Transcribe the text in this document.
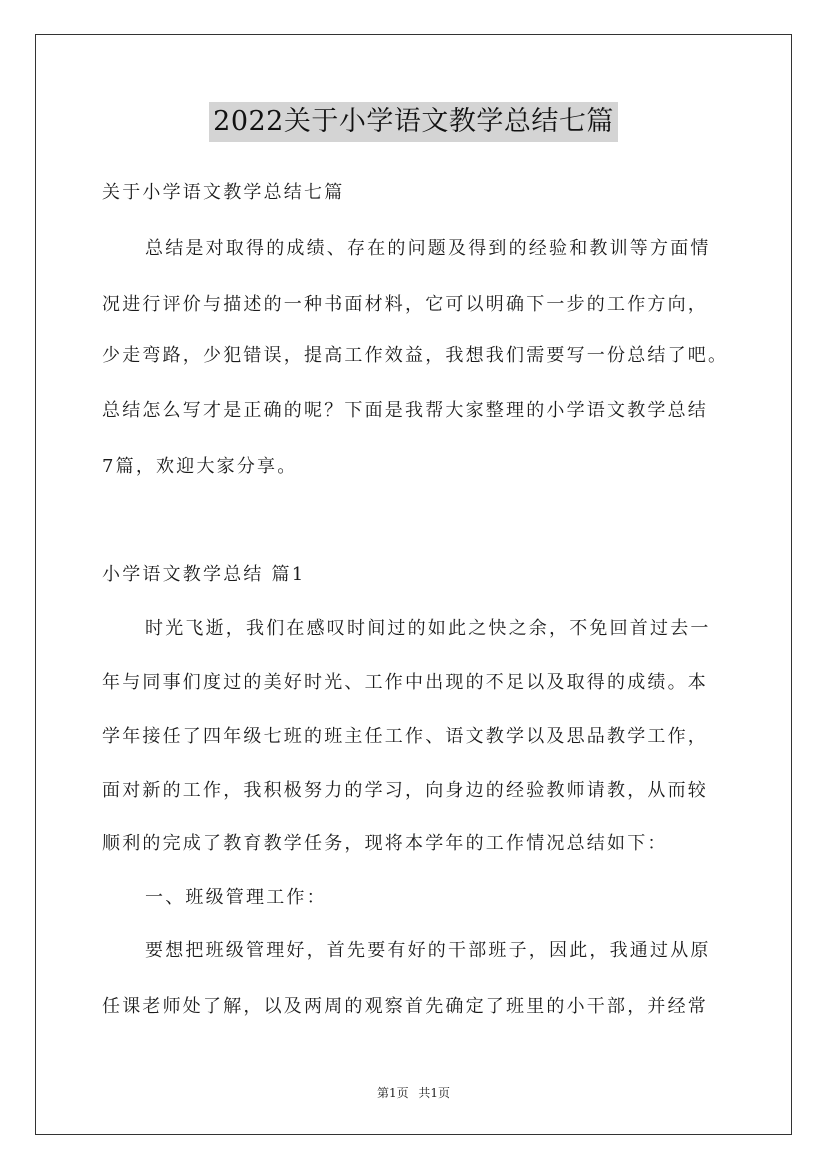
2022关于小学语文教学总结七篇
关于小学语文教学总结七篇
总结是对取得的成绩、存在的问题及得到的经验和教训等方面情
况进行评价与描述的一种书面材料，它可以明确下一步的工作方向，
少走弯路，少犯错误，提高工作效益，我想我们需要写一份总结了吧。
总结怎么写才是正确的呢？下面是我帮大家整理的小学语文教学总结
7篇，欢迎大家分享。
小学语文教学总结 篇1
时光飞逝，我们在感叹时间过的如此之快之余，不免回首过去一
年与同事们度过的美好时光、工作中出现的不足以及取得的成绩。本
学年接任了四年级七班的班主任工作、语文教学以及思品教学工作，
面对新的工作，我积极努力的学习，向身边的经验教师请教，从而较
顺利的完成了教育教学任务，现将本学年的工作情况总结如下：
一、班级管理工作：
要想把班级管理好，首先要有好的干部班子，因此，我通过从原
任课老师处了解，以及两周的观察首先确定了班里的小干部，并经常
第1页 共1页
